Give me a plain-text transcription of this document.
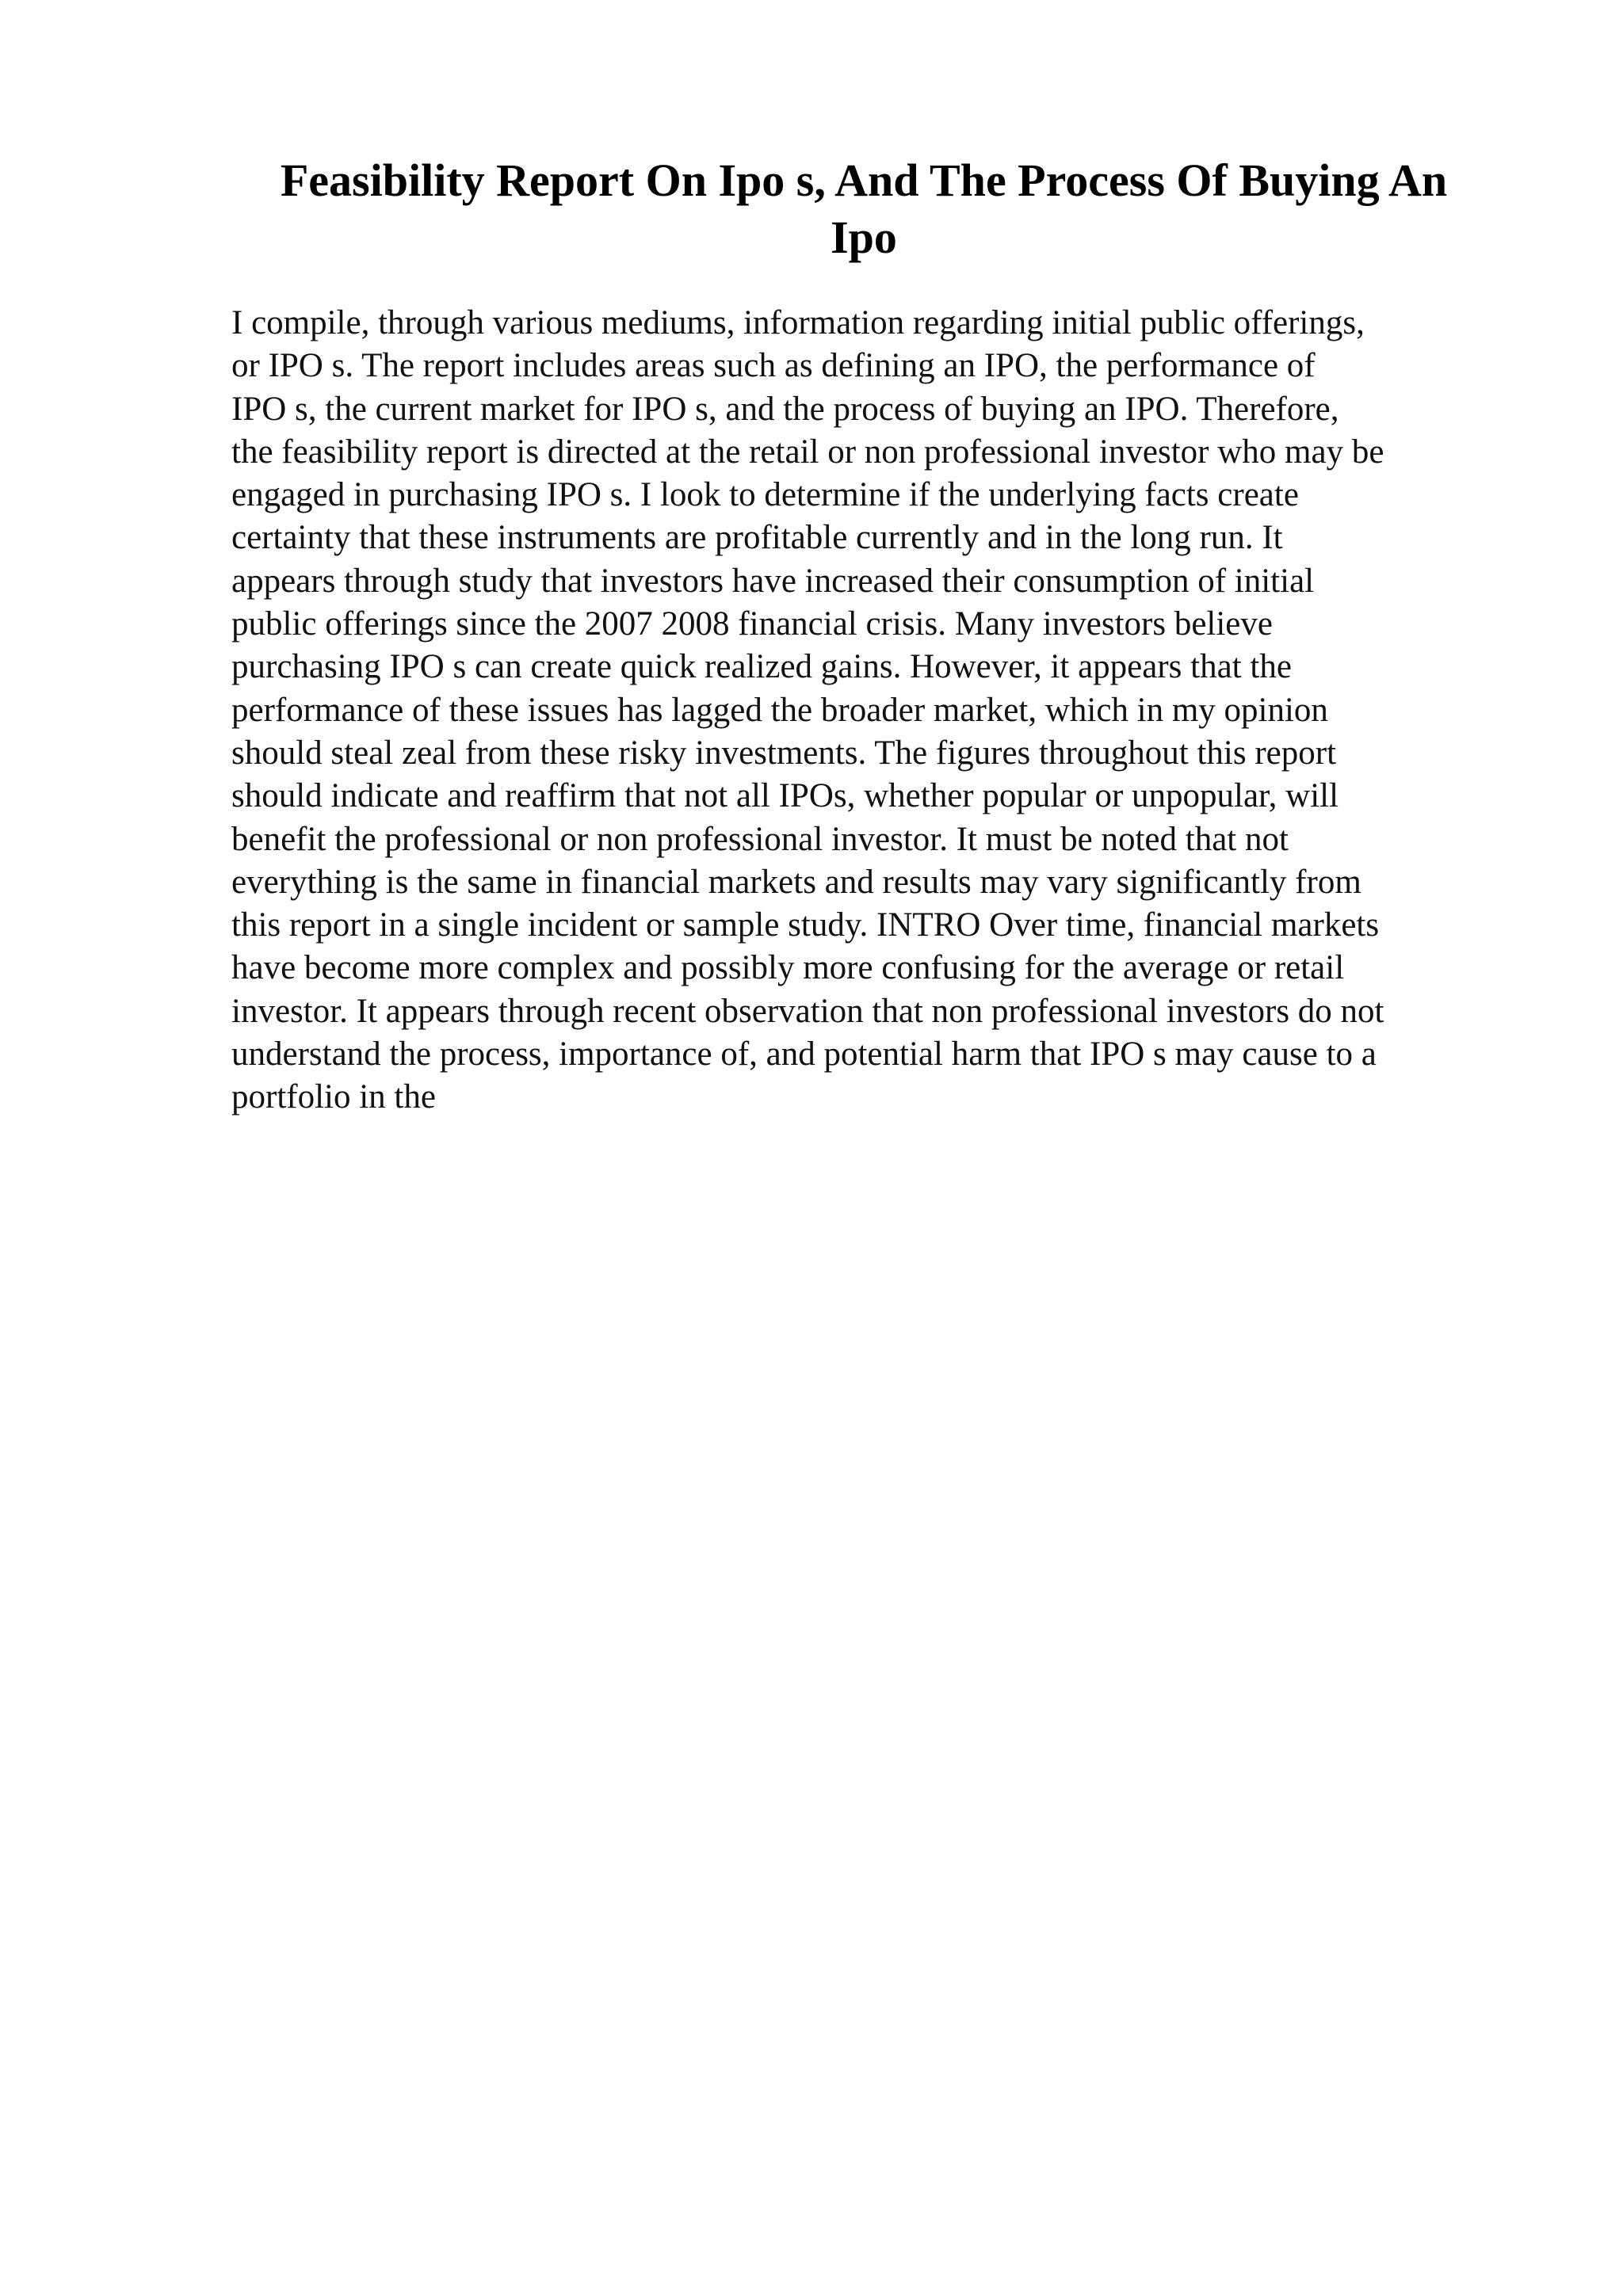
Feasibility Report On Ipo s, And The Process Of Buying An
Ipo
I compile, through various mediums, information regarding initial public offerings,
or IPO s. The report includes areas such as defining an IPO, the performance of
IPO s, the current market for IPO s, and the process of buying an IPO. Therefore,
the feasibility report is directed at the retail or non professional investor who may be
engaged in purchasing IPO s. I look to determine if the underlying facts create
certainty that these instruments are profitable currently and in the long run. It
appears through study that investors have increased their consumption of initial
public offerings since the 2007 2008 financial crisis. Many investors believe
purchasing IPO s can create quick realized gains. However, it appears that the
performance of these issues has lagged the broader market, which in my opinion
should steal zeal from these risky investments. The figures throughout this report
should indicate and reaffirm that not all IPOs, whether popular or unpopular, will
benefit the professional or non professional investor. It must be noted that not
everything is the same in financial markets and results may vary significantly from
this report in a single incident or sample study. INTRO Over time, financial markets
have become more complex and possibly more confusing for the average or retail
investor. It appears through recent observation that non professional investors do not
understand the process, importance of, and potential harm that IPO s may cause to a
portfolio in the
